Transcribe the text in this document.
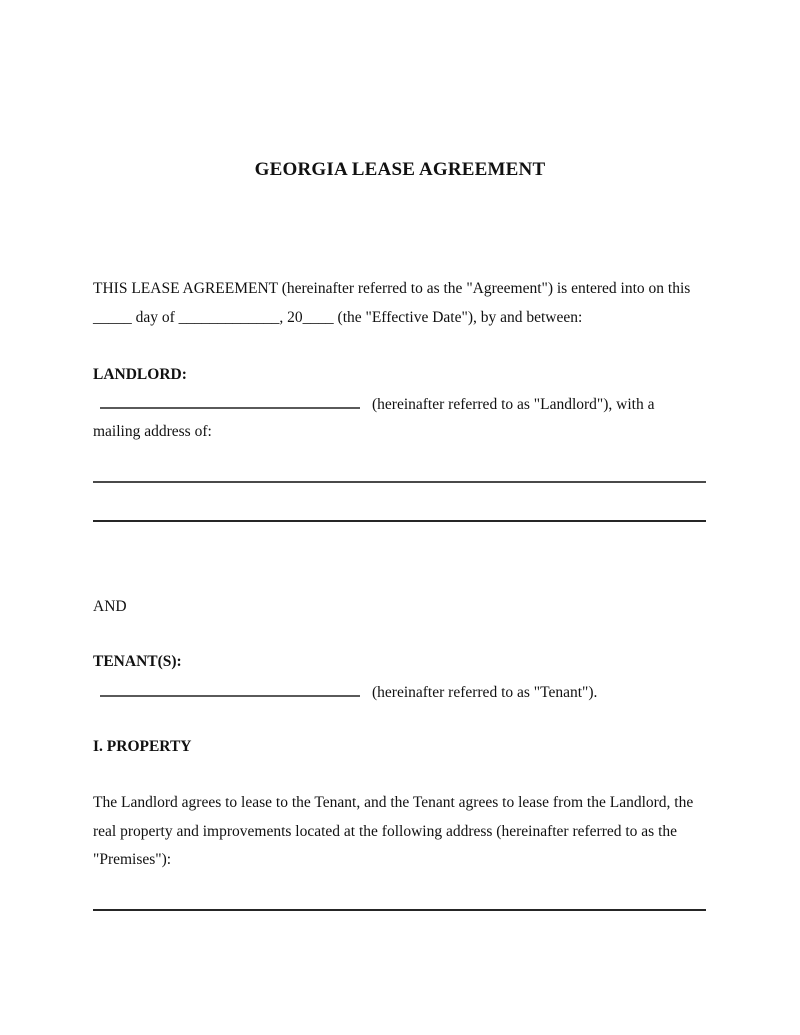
GEORGIA LEASE AGREEMENT
THIS LEASE AGREEMENT (hereinafter referred to as the "Agreement") is entered into on this
_____ day of _____________, 20____ (the "Effective Date"), by and between:
LANDLORD:
(hereinafter referred to as "Landlord"), with a
mailing address of:
AND
TENANT(S):
(hereinafter referred to as "Tenant").
I. PROPERTY
The Landlord agrees to lease to the Tenant, and the Tenant agrees to lease from the Landlord, the
real property and improvements located at the following address (hereinafter referred to as the
"Premises"):
